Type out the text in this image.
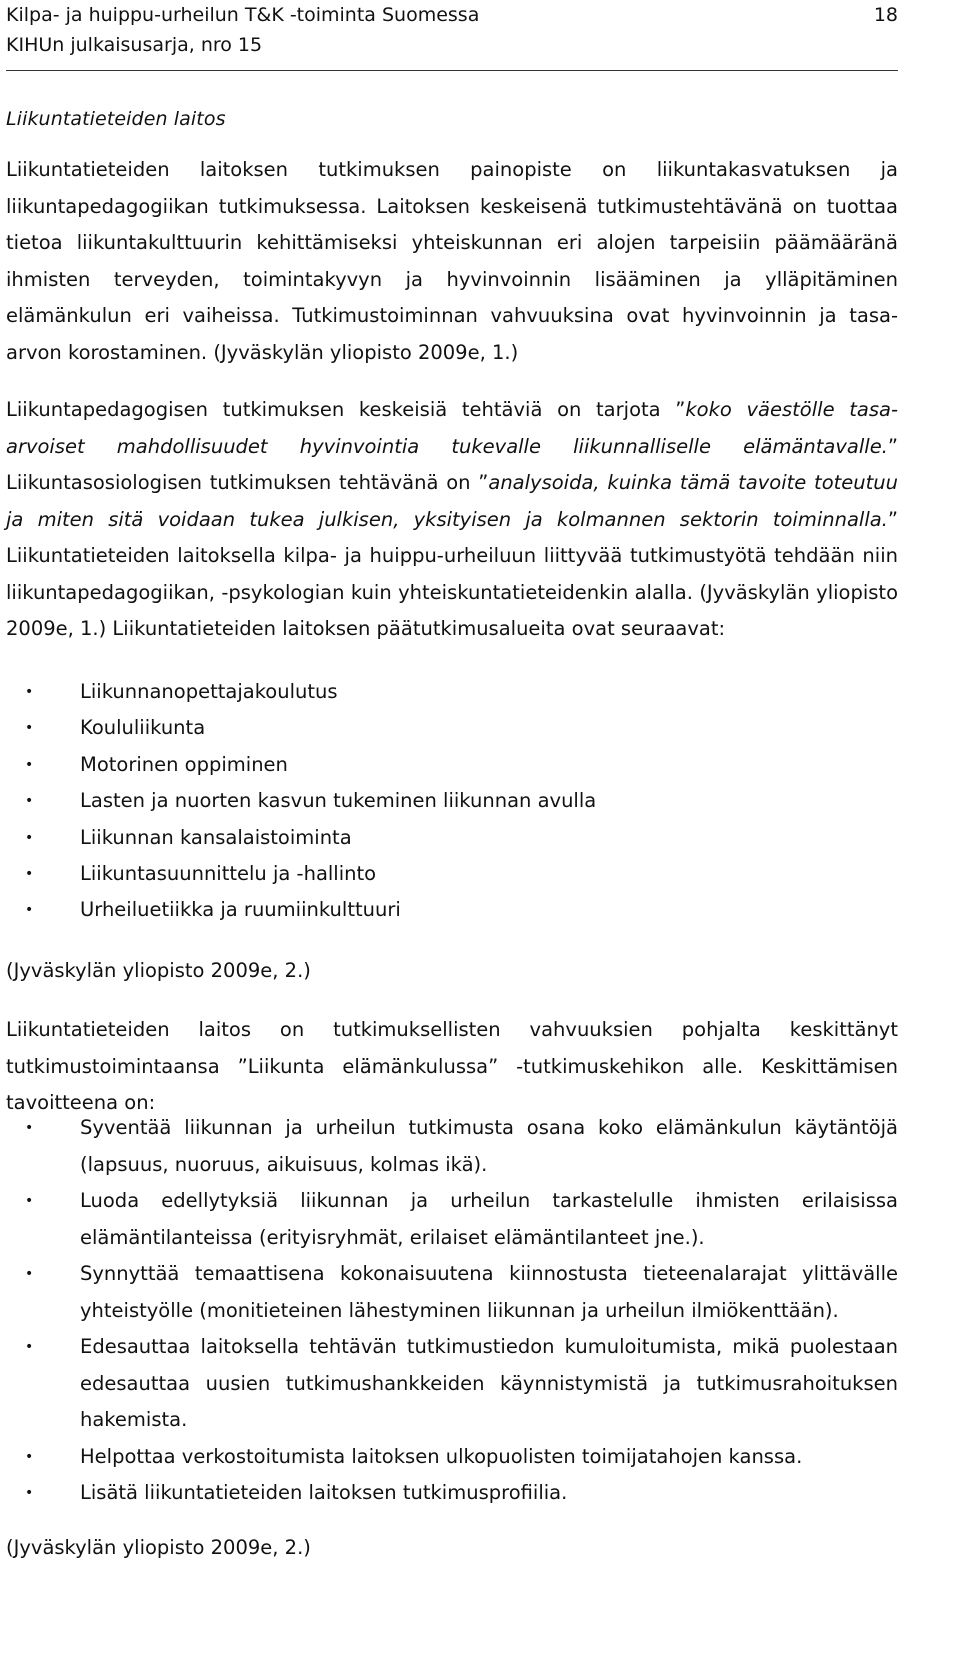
Kilpa- ja huippu-urheilun T&K -toiminta Suomessa
KIHUn julkaisusarja, nro 15
18
Liikuntatieteiden laitos

Liikuntatieteiden laitoksen tutkimuksen painopiste on liikuntakasvatuksen ja liikuntapedagogiikan tutkimuksessa. Laitoksen keskeisenä tutkimustehtävänä on tuottaa tietoa liikuntakulttuurin kehittämiseksi yhteiskunnan eri alojen tarpeisiin päämääränä ihmisten terveyden, toimintakyvyn ja hyvinvoinnin lisääminen ja ylläpitäminen elämänkulun eri vaiheissa. Tutkimustoiminnan vahvuuksina ovat hyvinvoinnin ja tasa-arvon korostaminen. (Jyväskylän yliopisto 2009e, 1.)

Liikuntapedagogisen tutkimuksen keskeisiä tehtäviä on tarjota ”koko väestölle tasa-arvoiset mahdollisuudet hyvinvointia tukevalle liikunnalliselle elämäntavalle.” Liikuntasosiologisen tutkimuksen tehtävänä on ”analysoida, kuinka tämä tavoite toteutuu ja miten sitä voidaan tukea julkisen, yksityisen ja kolmannen sektorin toiminnalla.” Liikuntatieteiden laitoksella kilpa- ja huippu-urheiluun liittyvää tutkimustyötä tehdään niin liikuntapedagogiikan, -psykologian kuin yhteiskuntatieteidenkin alalla. (Jyväskylän yliopisto 2009e, 1.) Liikuntatieteiden laitoksen päätutkimusalueita ovat seuraavat:

• Liikunnanopettajakoulutus
• Koululiikunta
• Motorinen oppiminen
• Lasten ja nuorten kasvun tukeminen liikunnan avulla
• Liikunnan kansalaistoiminta
• Liikuntasuunnittelu ja -hallinto
• Urheiluetiikka ja ruumiinkulttuuri

(Jyväskylän yliopisto 2009e, 2.)

Liikuntatieteiden laitos on tutkimuksellisten vahvuuksien pohjalta keskittänyt tutkimustoimintaansa ”Liikunta elämänkulussa” -tutkimuskehikon alle. Keskittämisen tavoitteena on:

• Syventää liikunnan ja urheilun tutkimusta osana koko elämänkulun käytäntöjä (lapsuus, nuoruus, aikuisuus, kolmas ikä).
• Luoda edellytyksiä liikunnan ja urheilun tarkastelulle ihmisten erilaisissa elämäntilanteissa (erityisryhmät, erilaiset elämäntilanteet jne.).
• Synnyttää temaattisena kokonaisuutena kiinnostusta tieteenalarajat ylittävälle yhteistyölle (monitieteinen lähestyminen liikunnan ja urheilun ilmiökenttään).
• Edesauttaa laitoksella tehtävän tutkimustiedon kumuloitumista, mikä puolestaan edesauttaa uusien tutkimushankkeiden käynnistymistä ja tutkimusrahoituksen hakemista.
• Helpottaa verkostoitumista laitoksen ulkopuolisten toimijatahojen kanssa.
• Lisätä liikuntatieteiden laitoksen tutkimusprofiilia.

(Jyväskylän yliopisto 2009e, 2.)
